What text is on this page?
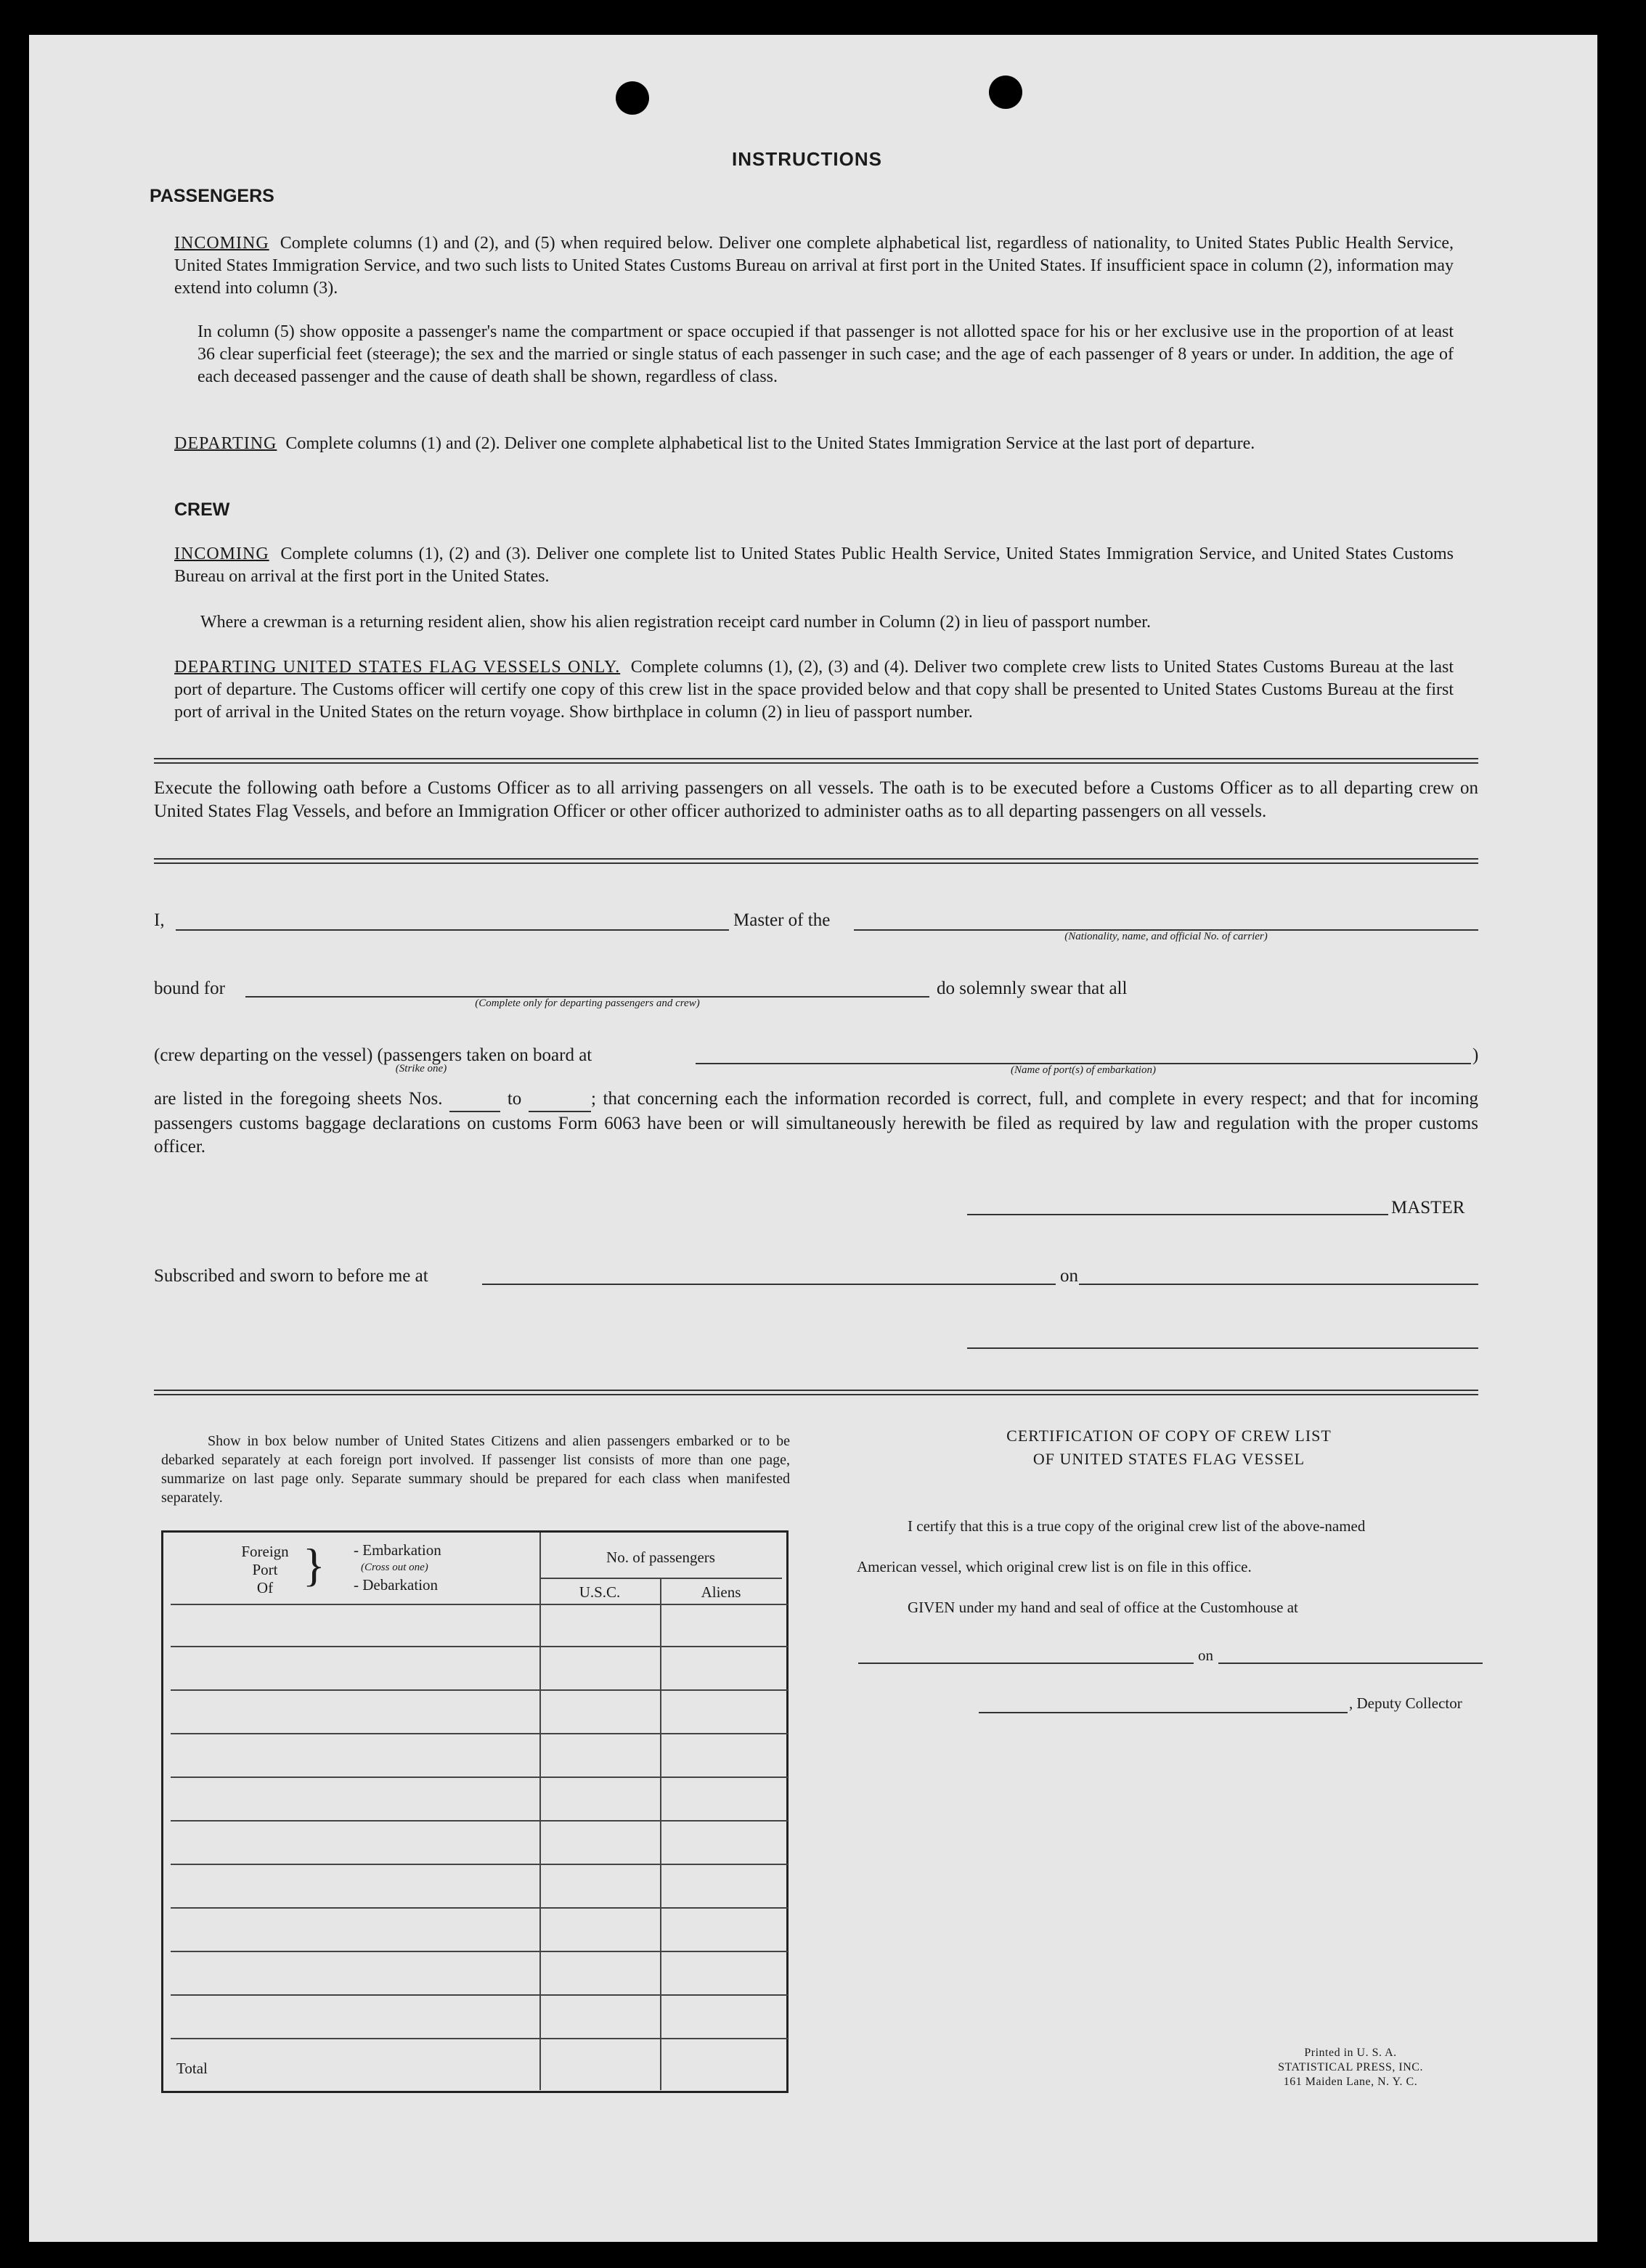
INSTRUCTIONS
PASSENGERS
INCOMING Complete columns (1) and (2), and (5) when required below. Deliver one complete alphabetical list, regardless of nationality, to United States Public Health Service, United States Immigration Service, and two such lists to United States Customs Bureau on arrival at first port in the United States. If insufficient space in column (2), information may extend into column (3).
In column (5) show opposite a passenger's name the compartment or space occupied if that passenger is not allotted space for his or her exclusive use in the proportion of at least 36 clear superficial feet (steerage); the sex and the married or single status of each passenger in such case; and the age of each passenger of 8 years or under. In addition, the age of each deceased passenger and the cause of death shall be shown, regardless of class.
DEPARTING Complete columns (1) and (2). Deliver one complete alphabetical list to the United States Immigration Service at the last port of departure.
CREW
INCOMING Complete columns (1), (2) and (3). Deliver one complete list to United States Public Health Service, United States Immigration Service, and United States Customs Bureau on arrival at the first port in the United States.
Where a crewman is a returning resident alien, show his alien registration receipt card number in Column (2) in lieu of passport number.
DEPARTING UNITED STATES FLAG VESSELS ONLY. Complete columns (1), (2), (3) and (4). Deliver two complete crew lists to United States Customs Bureau at the last port of departure. The Customs officer will certify one copy of this crew list in the space provided below and that copy shall be presented to United States Customs Bureau at the first port of arrival in the United States on the return voyage. Show birthplace in column (2) in lieu of passport number.
Execute the following oath before a Customs Officer as to all arriving passengers on all vessels. The oath is to be executed before a Customs Officer as to all departing crew on United States Flag Vessels, and before an Immigration Officer or other officer authorized to administer oaths as to all departing passengers on all vessels.
I,	Master of the
(Nationality, name, and official No. of carrier)
bound for
(Complete only for departing passengers and crew)
do solemnly swear that all
(crew departing on the vessel) (passengers taken on board at
(Strike one)	(Name of port(s) of embarkation)
)
are listed in the foregoing sheets Nos.	to	; that concerning each the information recorded is correct, full, and complete in every respect; and that for incoming passengers customs baggage declarations on customs Form 6063 have been or will simultaneously herewith be filed as required by law and regulation with the proper customs officer.
MASTER
Subscribed and sworn to before me at	on
Show in box below number of United States Citizens and alien passengers embarked or to be debarked separately at each foreign port involved. If passenger list consists of more than one page, summarize on last page only. Separate summary should be prepared for each class when manifested separately.
Foreign
Port
Of } - Embarkation
(Cross out one)
- Debarkation
No. of passengers
U.S.C.	Aliens
Total
CERTIFICATION OF COPY OF CREW LIST
OF UNITED STATES FLAG VESSEL
I certify that this is a true copy of the original crew list of the above-named
American vessel, which original crew list is on file in this office.
GIVEN under my hand and seal of office at the Customhouse at
on
, Deputy Collector
Printed in U. S. A.
STATISTICAL PRESS, INC.
161 Maiden Lane, N. Y. C.
